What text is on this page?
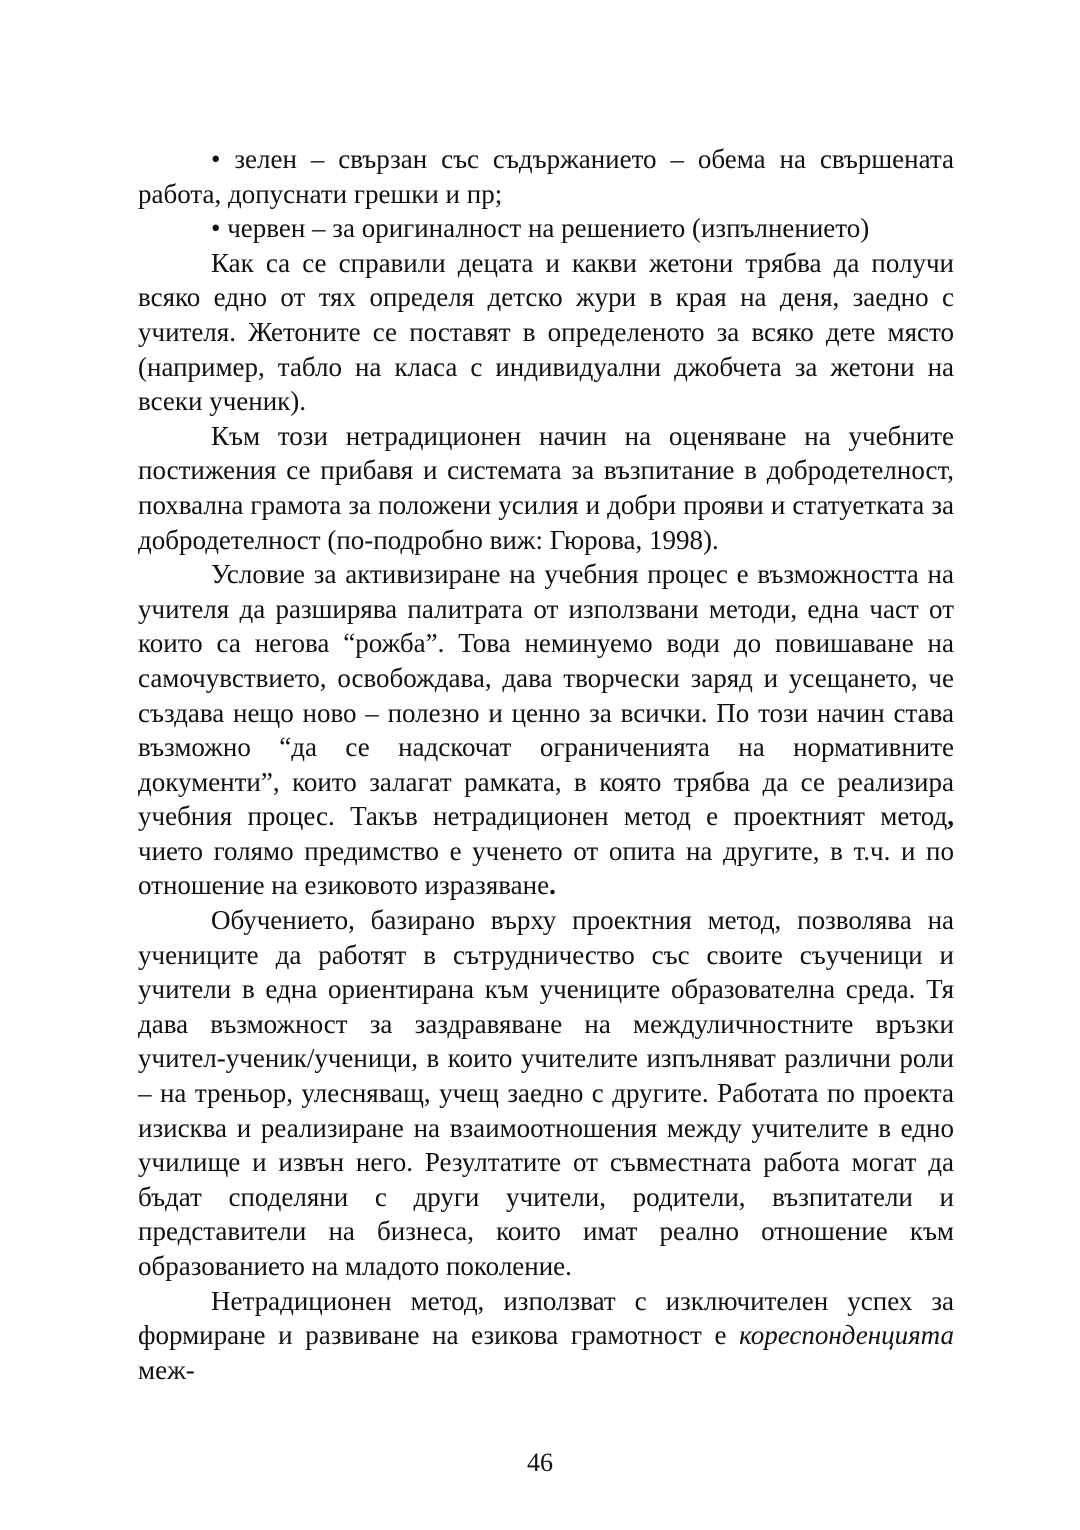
• зелен – свързан със съдържанието – обема на свършената работа, допуснати грешки и пр;

• червен – за оригиналност на решението (изпълнението)

Как са се справили децата и какви жетони трябва да получи всяко едно от тях определя детско жури в края на деня, заедно с учителя. Жетоните се поставят в определеното за всяко дете място (например, табло на класа с индивидуални джобчета за жетони на всеки ученик).

Към този нетрадиционен начин на оценяване на учебните постижения се прибавя и системата за възпитание в добродетелност, похвална грамота за положени усилия и добри прояви и статуетката за добродетелност (по-подробно виж: Гюрова, 1998).

Условие за активизиране на учебния процес е възможността на учителя да разширява палитрата от използвани методи, една част от които са негова “рожба”. Това неминуемо води до повишаване на самочувствието, освобождава, дава творчески заряд и усещането, че създава нещо ново – полезно и ценно за всички. По този начин става възможно “да се надскочат ограниченията на нормативните документи”, които залагат рамката, в която трябва да се реализира учебния процес. Такъв нетрадиционен метод е проектният метод, чието голямо предимство е ученето от опита на другите, в т.ч. и по отношение на езиковото изразяване.

Обучението, базирано върху проектния метод, позволява на учениците да работят в сътрудничество със своите съученици и учители в една ориентирана към учениците образователна среда. Тя дава възможност за заздравяване на междуличностните връзки учител-ученик/ученици, в които учителите изпълняват различни роли – на треньор, улесняващ, учещ заедно с другите. Работата по проекта изисква и реализиране на взаимоотношения между учителите в едно училище и извън него. Резултатите от съвместната работа могат да бъдат споделяни с други учители, родители, възпитатели и представители на бизнеса, които имат реално отношение към образованието на младото поколение.

Нетрадиционен метод, използват с изключителен успех за формиране и развиване на езикова грамотност е кореспонденцията меж-

46
